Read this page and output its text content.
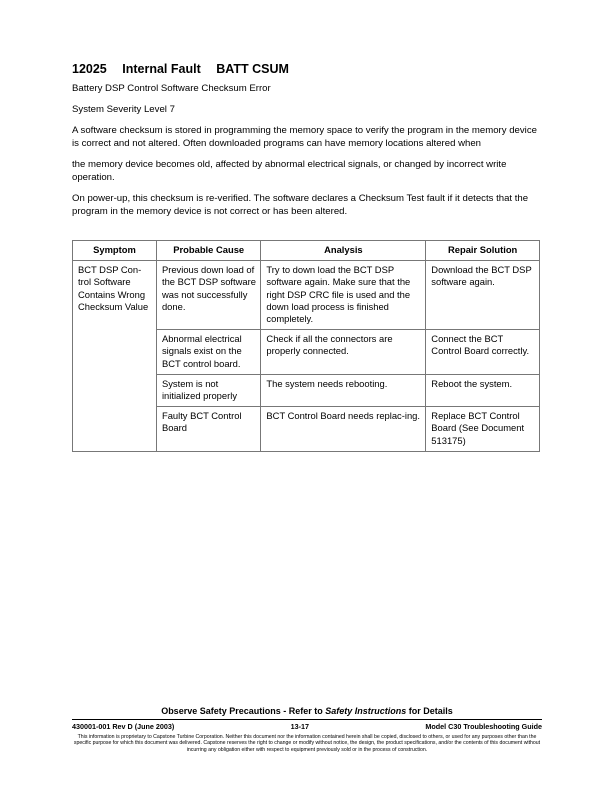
12025 Internal Fault BATT CSUM

Battery DSP Control Software Checksum Error

System Severity Level 7

A software checksum is stored in programming the memory space to verify the program in the memory device is correct and not altered. Often downloaded programs can have memory locations altered when

the memory device becomes old, affected by abnormal electrical signals, or changed by incorrect write operation.

On power-up, this checksum is re-verified. The software declares a Checksum Test fault if it detects that the program in the memory device is not correct or has been altered.

Symptom	Probable Cause	Analysis	Repair Solution
BCT DSP Con-trol Software Contains Wrong Checksum Value	Previous down load of the BCT DSP software was not successfully done.	Try to down load the BCT DSP software again. Make sure that the right DSP CRC file is used and the down load process is finished completely.	Download the BCT DSP software again.
	Abnormal electrical signals exist on the BCT control board.	Check if all the connectors are properly connected.	Connect the BCT Control Board correctly.
	System is not initialized properly	The system needs rebooting.	Reboot the system.
	Faulty BCT Control Board	BCT Control Board needs replac-ing.	Replace BCT Control Board (See Document 513175)
Observe Safety Precautions - Refer to Safety Instructions for Details
430001-001 Rev D (June 2003)	13-17	Model C30 Troubleshooting Guide
This information is proprietary to Capstone Turbine Corporation. Neither this document nor the information contained herein shall be copied, disclosed to others, or used for any purposes other than the specific purpose for which this document was delivered. Capstone reserves the right to change or modify without notice, the design, the product specifications, and/or the contents of this document without incurring any obligation either with respect to equipment previously sold or in the process of construction.
